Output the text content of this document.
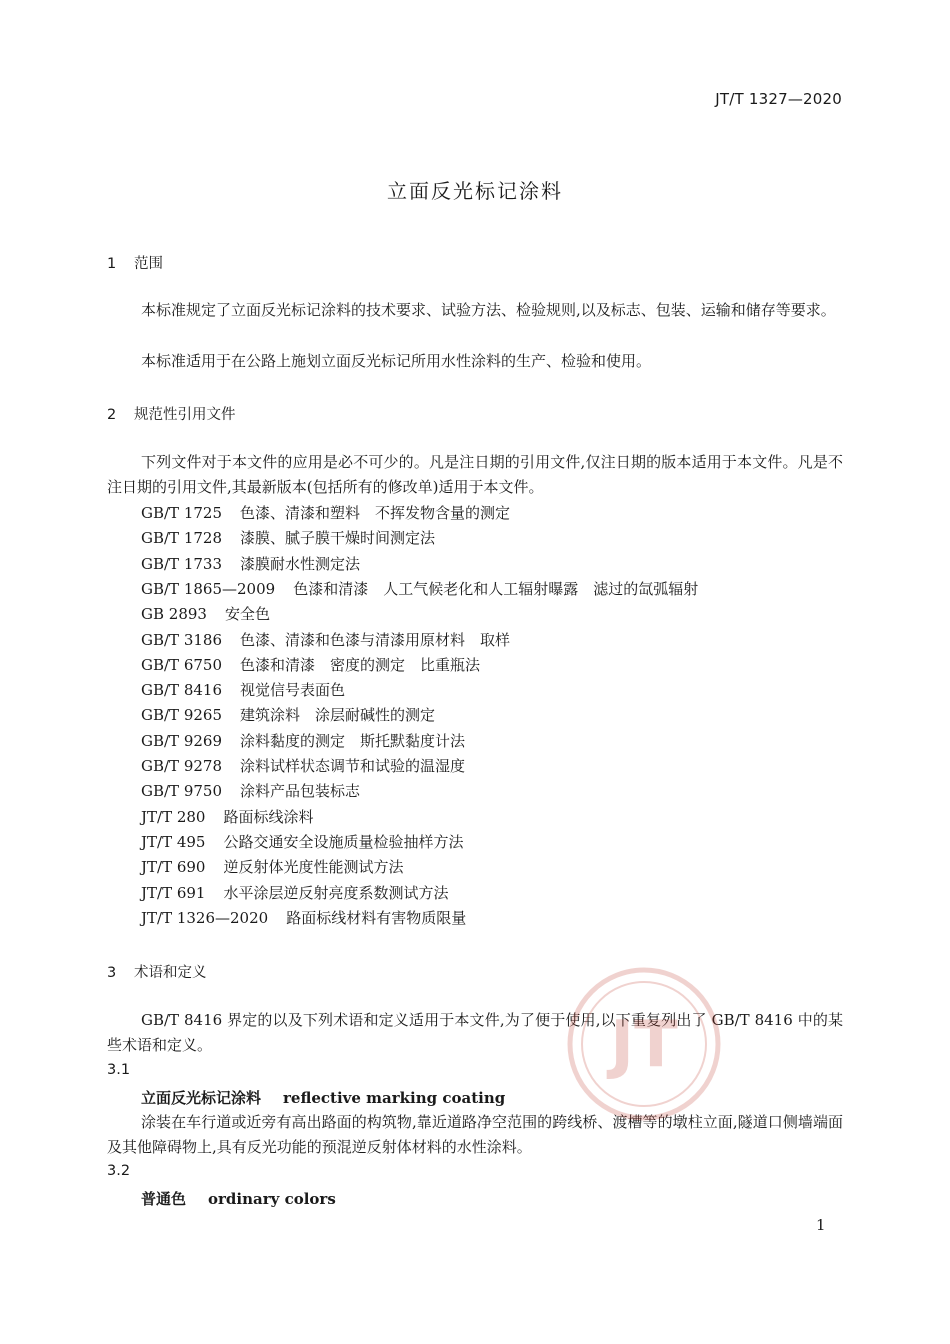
JT/T 1327—2020
立面反光标记涂料
1 范围
本标准规定了立面反光标记涂料的技术要求、试验方法、检验规则,以及标志、包装、运输和储存等要求。
本标准适用于在公路上施划立面反光标记所用水性涂料的生产、检验和使用。
2 规范性引用文件
下列文件对于本文件的应用是必不可少的。凡是注日期的引用文件,仅注日期的版本适用于本文件。凡是不注日期的引用文件,其最新版本(包括所有的修改单)适用于本文件。
GB/T 1725 色漆、清漆和塑料　不挥发物含量的测定
GB/T 1728 漆膜、腻子膜干燥时间测定法
GB/T 1733 漆膜耐水性测定法
GB/T 1865—2009 色漆和清漆　人工气候老化和人工辐射曝露　滤过的氙弧辐射
GB 2893 安全色
GB/T 3186 色漆、清漆和色漆与清漆用原材料　取样
GB/T 6750 色漆和清漆　密度的测定　比重瓶法
GB/T 8416 视觉信号表面色
GB/T 9265 建筑涂料　涂层耐碱性的测定
GB/T 9269 涂料黏度的测定　斯托默黏度计法
GB/T 9278 涂料试样状态调节和试验的温湿度
GB/T 9750 涂料产品包装标志
JT/T 280 路面标线涂料
JT/T 495 公路交通安全设施质量检验抽样方法
JT/T 690 逆反射体光度性能测试方法
JT/T 691 水平涂层逆反射亮度系数测试方法
JT/T 1326—2020 路面标线材料有害物质限量
3 术语和定义
GB/T 8416 界定的以及下列术语和定义适用于本文件,为了便于使用,以下重复列出了 GB/T 8416 中的某些术语和定义。
3.1
立面反光标记涂料 reflective marking coating
涂装在车行道或近旁有高出路面的构筑物,靠近道路净空范围的跨线桥、渡槽等的墩柱立面,隧道口侧墙端面及其他障碍物上,具有反光功能的预混逆反射体材料的水性涂料。
3.2
普通色 ordinary colors
1
JT
